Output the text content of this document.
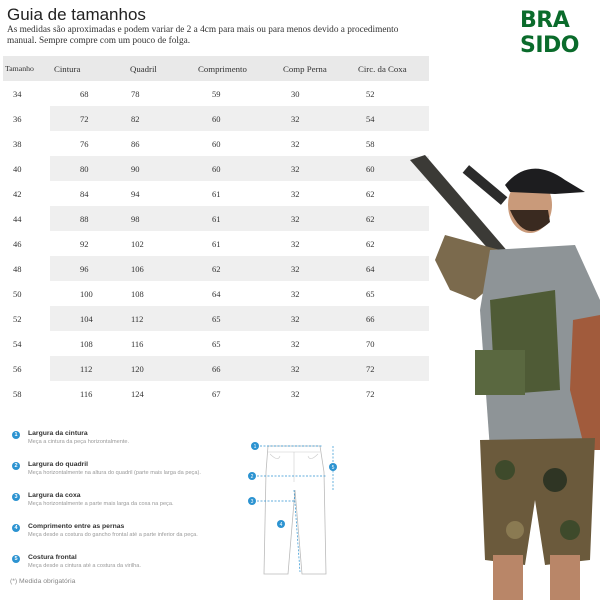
Guia de tamanhos
As medidas são aproximadas e podem variar de 2 a 4cm para mais ou para menos devido a procedimento manual. Sempre compre com um pouco de folga.
BRA
SIDO
Tamanho	Cintura	Quadril	Comprimento	Comp Perna	Circ. da Coxa
34	68	78	59	30	52
36	72	82	60	32	54
38	76	86	60	32	58
40	80	90	60	32	60
42	84	94	61	32	62
44	88	98	61	32	62
46	92	102	61	32	62
48	96	106	62	32	64
50	100	108	64	32	65
52	104	112	65	32	66
54	108	116	65	32	70
56	112	120	66	32	72
58	116	124	67	32	72
1	Largura da cintura
Meça a cintura da peça horizontalmente.
2	Largura do quadril
Meça horizontalmente na altura do quadril (parte mais larga da peça).
3	Largura da coxa
Meça horizontalmente a parte mais larga da coxa na peça.
4	Comprimento entre as pernas
Meça desde a costura do gancho frontal até a parte inferior da peça.
5	Costura frontal
Meça desde a cintura até a costura da virilha.
1
2
3
4
5
(*) Medida obrigatória
